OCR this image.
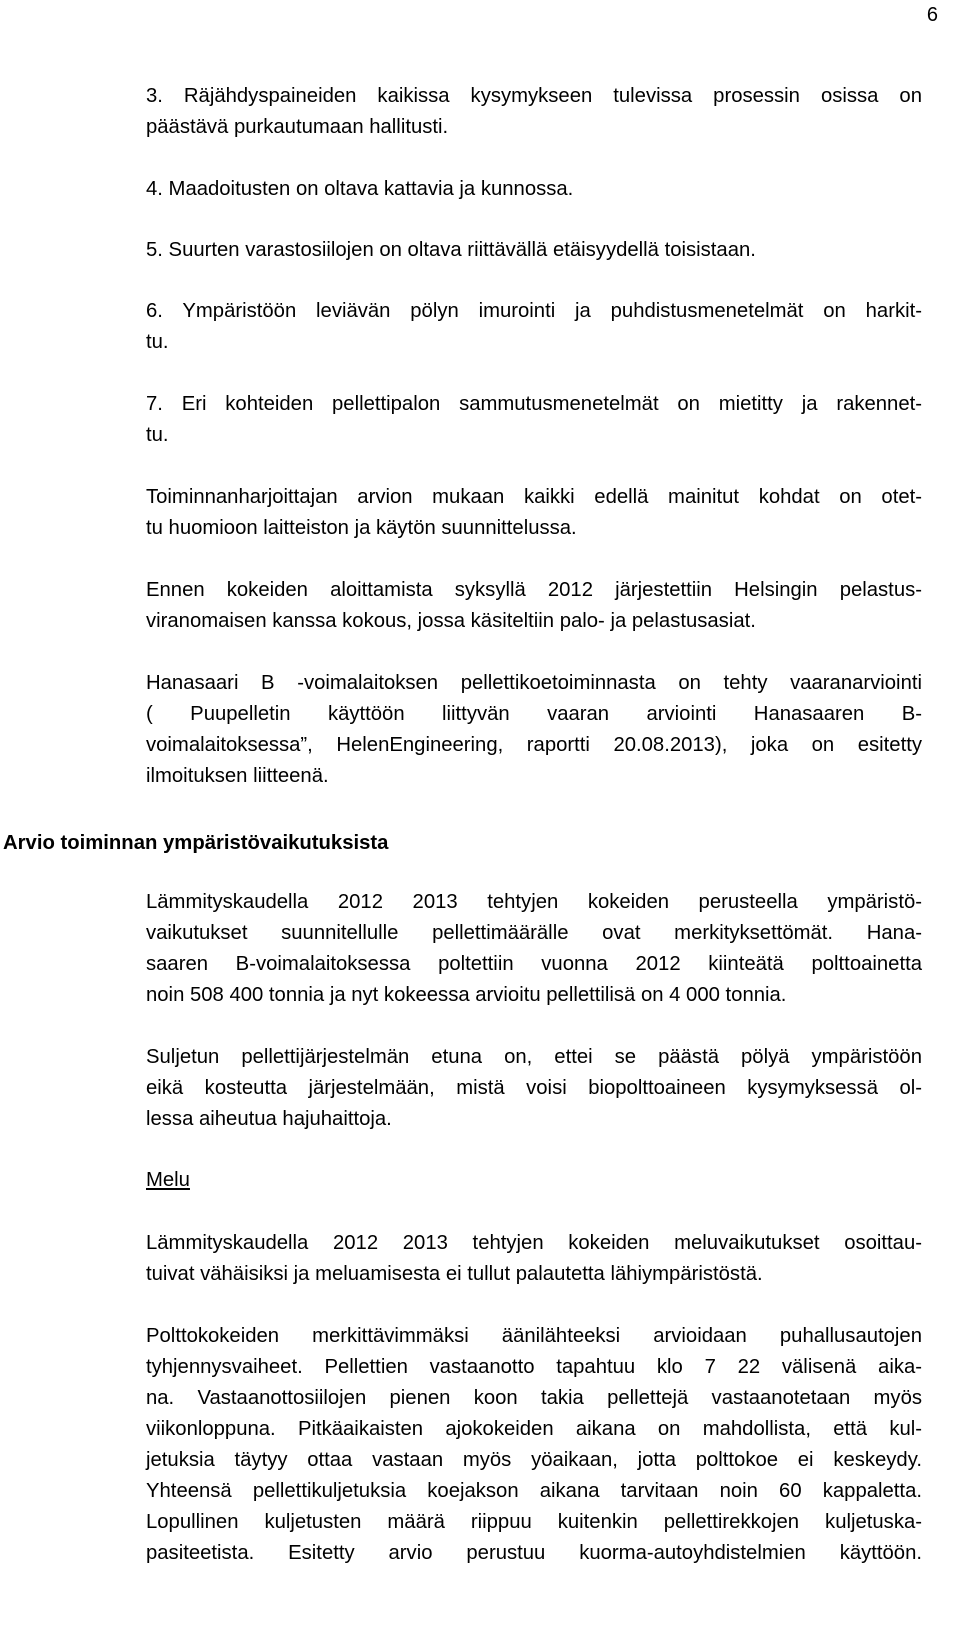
6
3. Räjähdyspaineiden kaikissa kysymykseen tulevissa prosessin osissa on
päästävä purkautumaan hallitusti.
4. Maadoitusten on oltava kattavia ja kunnossa.
5. Suurten varastosiilojen on oltava riittävällä etäisyydellä toisistaan.
6. Ympäristöön leviävän pölyn imurointi ja puhdistusmenetelmät on harkit-
tu.
7. Eri kohteiden pellettipalon sammutusmenetelmät on mietitty ja rakennet-
tu.
Toiminnanharjoittajan arvion mukaan kaikki edellä mainitut kohdat on otet-
tu huomioon laitteiston ja käytön suunnittelussa.
Ennen kokeiden aloittamista syksyllä 2012 järjestettiin Helsingin pelastus-
viranomaisen kanssa kokous, jossa käsiteltiin palo- ja pelastusasiat.
Hanasaari B -voimalaitoksen pellettikoetoiminnasta on tehty vaaranarviointi
( Puupelletin käyttöön liittyvän vaaran arviointi Hanasaaren B-
voimalaitoksessa”, HelenEngineering, raportti 20.08.2013), joka on esitetty
ilmoituksen liitteenä.
Arvio toiminnan ympäristövaikutuksista
Lämmityskaudella 2012 2013 tehtyjen kokeiden perusteella ympäristö-
vaikutukset suunnitellulle pellettimäärälle ovat merkityksettömät. Hana-
saaren B-voimalaitoksessa poltettiin vuonna 2012 kiinteätä polttoainetta
noin 508 400 tonnia ja nyt kokeessa arvioitu pellettilisä on 4 000 tonnia.
Suljetun pellettijärjestelmän etuna on, ettei se päästä pölyä ympäristöön
eikä kosteutta järjestelmään, mistä voisi biopolttoaineen kysymyksessä ol-
lessa aiheutua hajuhaittoja.
Melu
Lämmityskaudella 2012 2013 tehtyjen kokeiden meluvaikutukset osoittau-
tuivat vähäisiksi ja meluamisesta ei tullut palautetta lähiympäristöstä.
Polttokokeiden merkittävimmäksi äänilähteeksi arvioidaan puhallusautojen
tyhjennysvaiheet. Pellettien vastaanotto tapahtuu klo 7 22 välisenä aika-
na. Vastaanottosiilojen pienen koon takia pellettejä vastaanotetaan myös
viikonloppuna. Pitkäaikaisten ajokokeiden aikana on mahdollista, että kul-
jetuksia täytyy ottaa vastaan myös yöaikaan, jotta polttokoe ei keskeydy.
Yhteensä pellettikuljetuksia koejakson aikana tarvitaan noin 60 kappaletta.
Lopullinen kuljetusten määrä riippuu kuitenkin pellettirekkojen kuljetuska-
pasiteetista. Esitetty arvio perustuu kuorma-autoyhdistelmien käyttöön.
